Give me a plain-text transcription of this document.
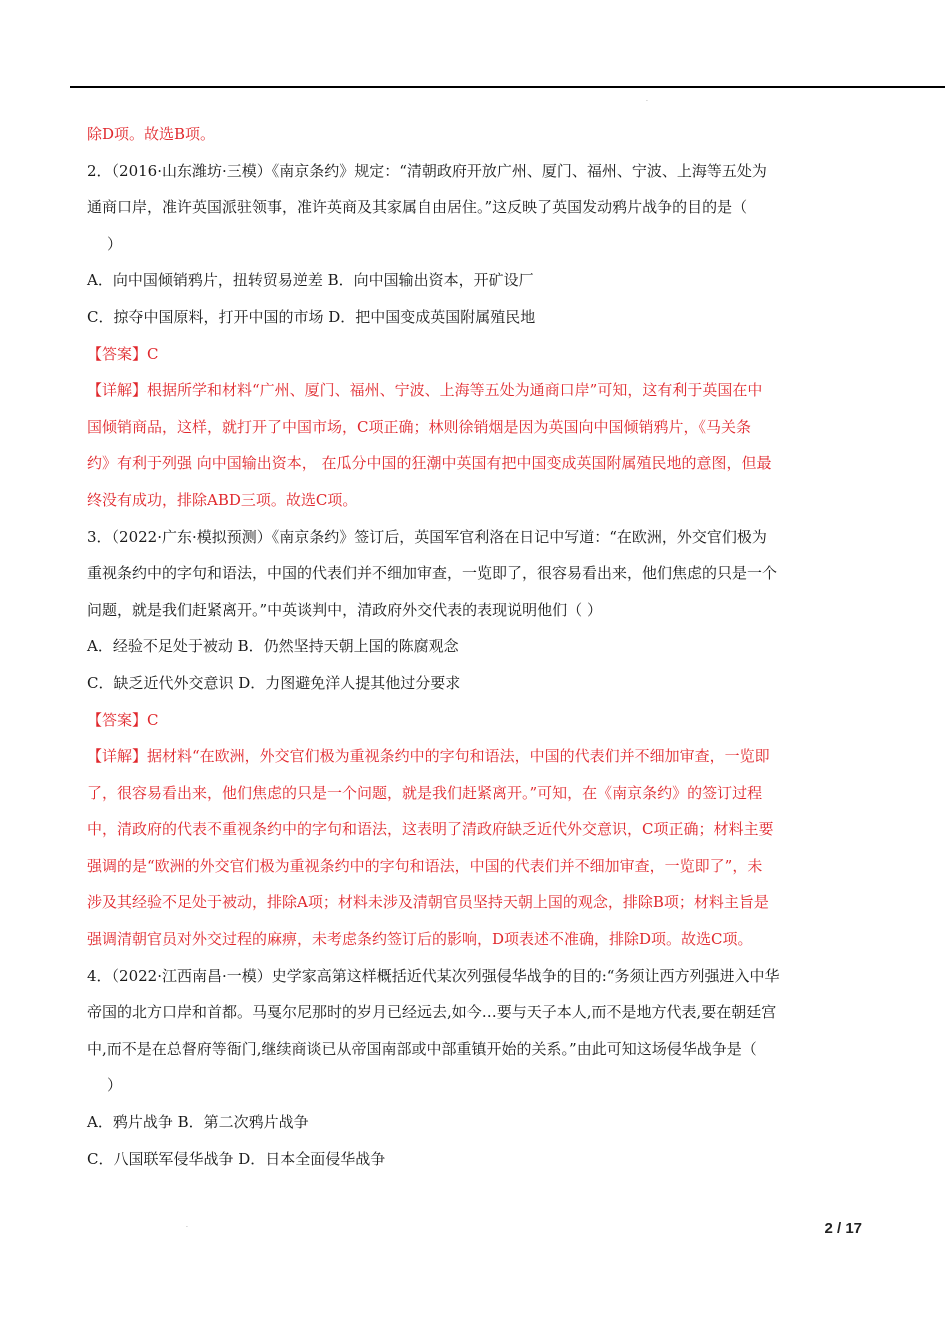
.
.
除D项。故选B项。
2．（2016·山东潍坊·三模）《南京条约》规定：“清朝政府开放广州、厦门、福州、宁波、上海等五处为
通商口岸，准许英国派驻领事，准许英商及其家属自由居住。”这反映了英国发动鸦片战争的目的是（
）
A．向中国倾销鸦片，扭转贸易逆差 B．向中国输出资本，开矿设厂
C．掠夺中国原料，打开中国的市场 D．把中国变成英国附属殖民地
【答案】C
【详解】根据所学和材料“广州、厦门、福州、宁波、上海等五处为通商口岸”可知，这有利于英国在中
国倾销商品，这样，就打开了中国市场，C项正确；林则徐销烟是因为英国向中国倾销鸦片，《马关条
约》有利于列强 向中国输出资本， 在瓜分中国的狂潮中英国有把中国变成英国附属殖民地的意图，但最
终没有成功，排除ABD三项。故选C项。
3．（2022·广东·模拟预测）《南京条约》签订后，英国军官利洛在日记中写道：“在欧洲，外交官们极为
重视条约中的字句和语法，中国的代表们并不细加审查，一览即了，很容易看出来，他们焦虑的只是一个
问题，就是我们赶紧离开。”中英谈判中，清政府外交代表的表现说明他们（ ）
A．经验不足处于被动 B．仍然坚持天朝上国的陈腐观念
C．缺乏近代外交意识 D．力图避免洋人提其他过分要求
【答案】C
【详解】据材料“在欧洲，外交官们极为重视条约中的字句和语法，中国的代表们并不细加审查，一览即
了，很容易看出来，他们焦虑的只是一个问题，就是我们赶紧离开。”可知，在《南京条约》的签订过程
中，清政府的代表不重视条约中的字句和语法，这表明了清政府缺乏近代外交意识，C项正确；材料主要
强调的是“欧洲的外交官们极为重视条约中的字句和语法，中国的代表们并不细加审查，一览即了”，未
涉及其经验不足处于被动，排除A项；材料未涉及清朝官员坚持天朝上国的观念，排除B项；材料主旨是
强调清朝官员对外交过程的麻痹，未考虑条约签订后的影响，D项表述不准确，排除D项。故选C项。
4．（2022·江西南昌·一模）史学家高第这样概括近代某次列强侵华战争的目的:“务须让西方列强进入中华
帝国的北方口岸和首都。马戛尔尼那时的岁月已经远去,如今…要与天子本人,而不是地方代表,要在朝廷宫
中,而不是在总督府等衙门,继续商谈已从帝国南部或中部重镇开始的关系。”由此可知这场侵华战争是（
）
A．鸦片战争 B．第二次鸦片战争
C．八国联军侵华战争 D．日本全面侵华战争
2 / 17
